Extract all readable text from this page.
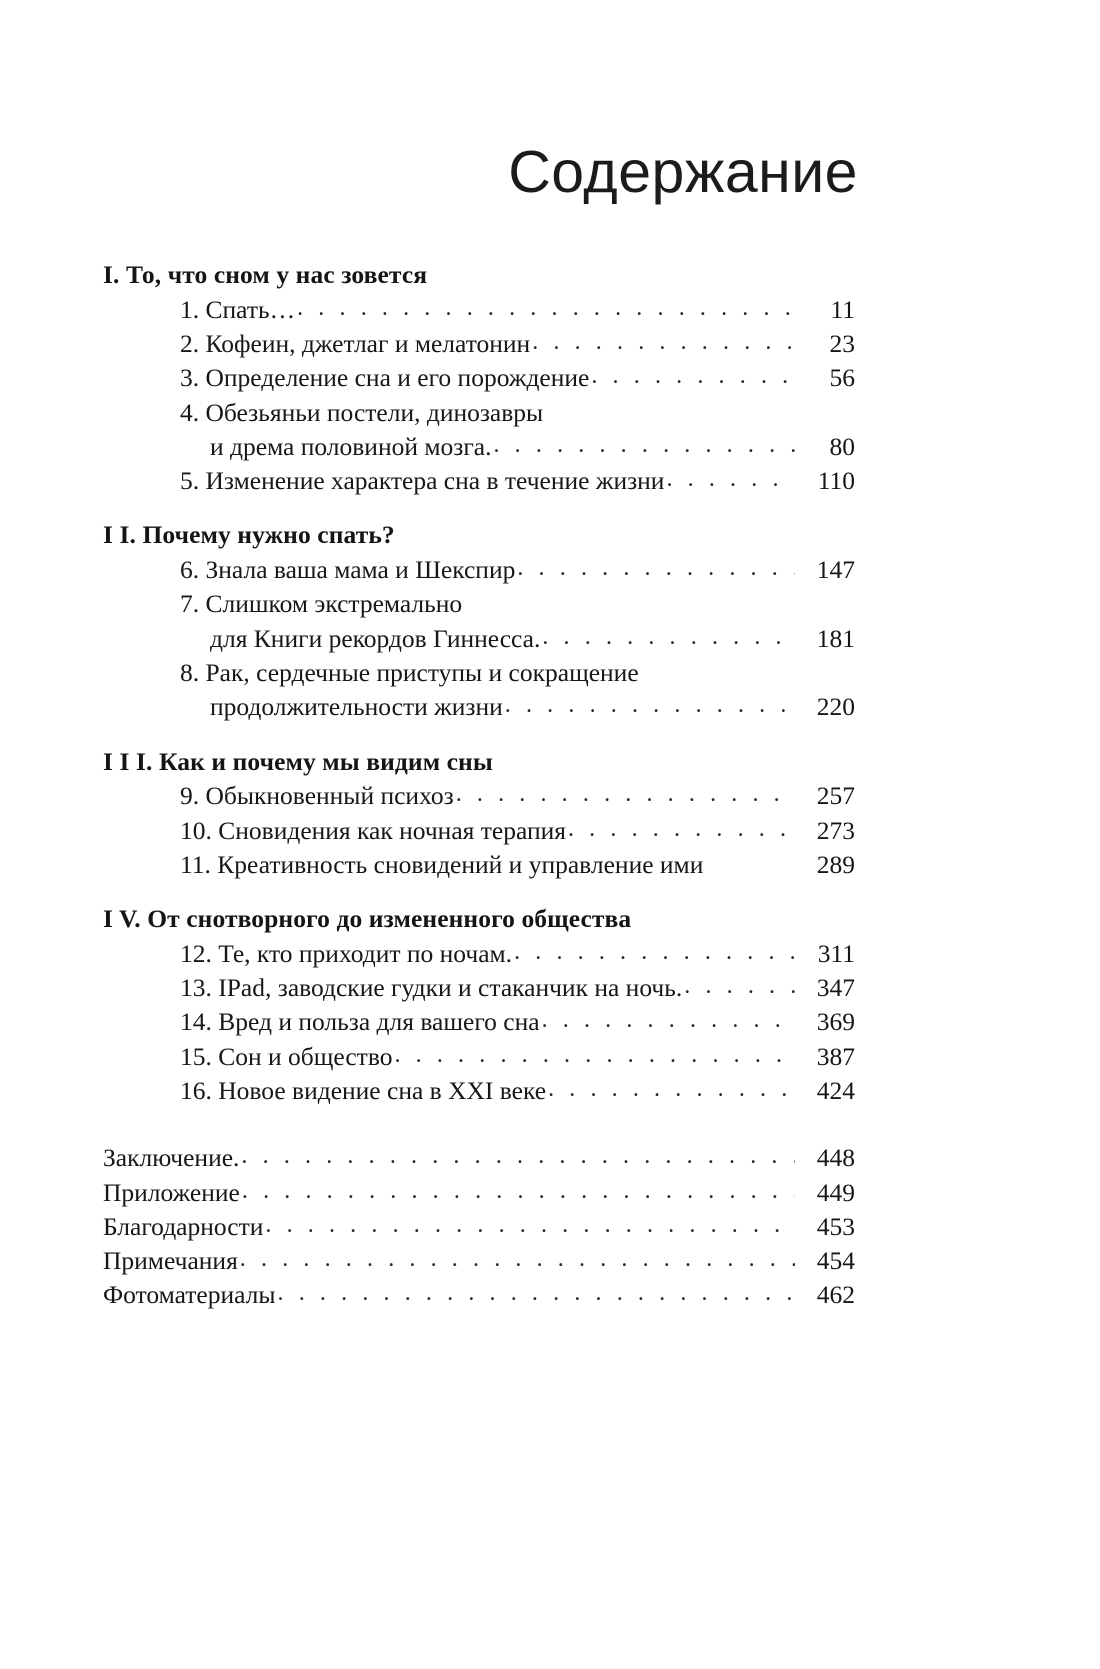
Содержание
I. То, что сном у нас зовется
1. Спать… . . .	11
2. Кофеин, джетлаг и мелатонин . . .	23
3. Определение сна и его порождение . . .	56
4. Обезьяньи постели, динозавры
и дрема половиной мозга. . . .	80
5. Изменение характера сна в течение жизни . . .	110
I I. Почему нужно спать?
6. Знала ваша мама и Шекспир . . .	147
7. Слишком экстремально
для Книги рекордов Гиннесса. . . .	181
8. Рак, сердечные приступы и сокращение
продолжительности жизни . . .	220
I I I. Как и почему мы видим сны
9. Обыкновенный психоз . . .	257
10. Сновидения как ночная терапия . . .	273
11. Креативность сновидений и управление ими	289
I V. От снотворного до измененного общества
12. Те, кто приходит по ночам. . . .	311
13. IPad, заводские гудки и стаканчик на ночь. . . .	347
14. Вред и польза для вашего сна . . .	369
15. Сон и общество . . .	387
16. Новое видение сна в XXI веке . . .	424
Заключение. . . .	448
Приложение . . .	449
Благодарности . . .	453
Примечания . . .	454
Фотоматериалы . . .	462
